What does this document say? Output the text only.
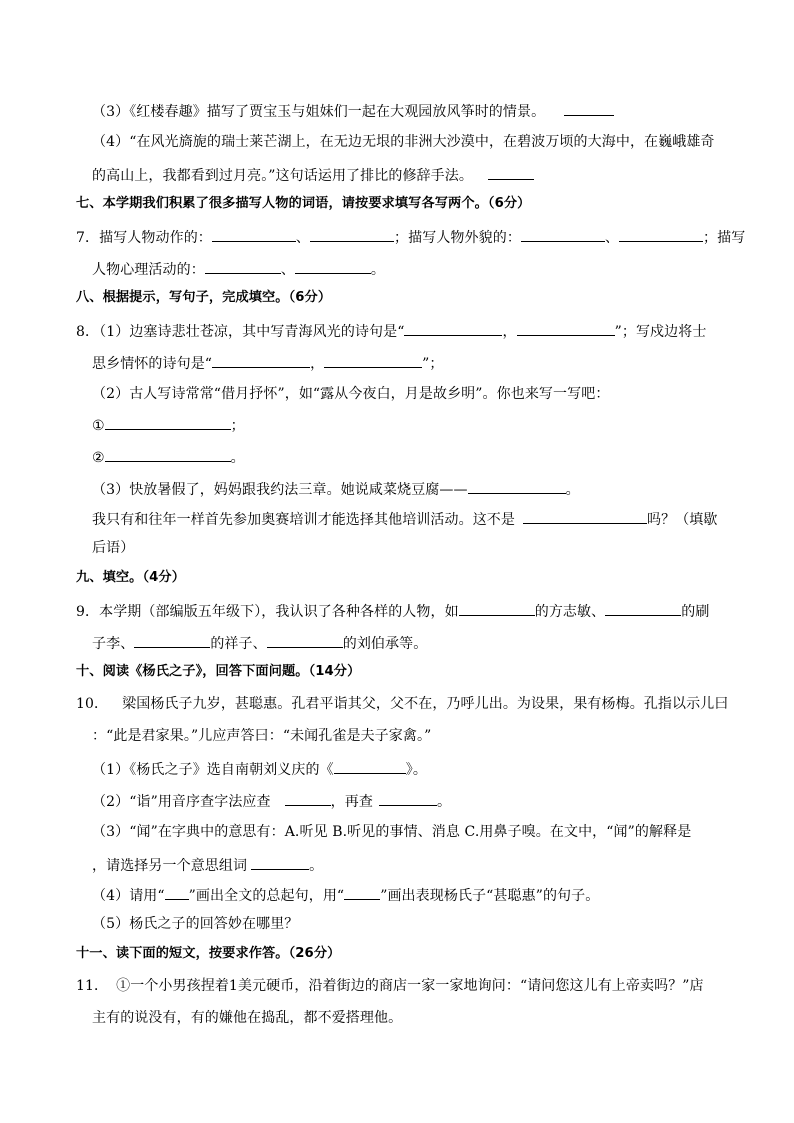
（3）《红楼春趣》描写了贾宝玉与姐妹们一起在大观园放风筝时的情景。
（4）“在风光旖旎的瑞士莱芒湖上，在无边无垠的非洲大沙漠中，在碧波万顷的大海中，在巍峨雄奇
的高山上，我都看到过月亮。”这句话运用了排比的修辞手法。
七、本学期我们积累了很多描写人物的词语，请按要求填写各写两个。（6分）
7．描写人物动作的：	、	；描写人物外貌的：	、	；描写
人物心理活动的：	、	。
八、根据提示，写句子，完成填空。（6分）
8．（1）边塞诗悲壮苍凉，其中写青海风光的诗句是“	，	”；写戍边将士
思乡情怀的诗句是“	，	”；
（2）古人写诗常常“借月抒怀”，如“露从今夜白，月是故乡明”。你也来写一写吧：
①	；
②	。
（3）快放暑假了，妈妈跟我约法三章。她说咸菜烧豆腐——	。
我只有和往年一样首先参加奥赛培训才能选择其他培训活动。这不是	吗？（填歇
后语）
九、填空。（4分）
9．本学期（部编版五年级下），我认识了各种各样的人物，如	的方志敏、	的刷
子李、	的祥子、	的刘伯承等。
十、阅读《杨氏之子》，回答下面问题。（14分）
10． 梁国杨氏子九岁，甚聪惠。孔君平诣其父，父不在，乃呼儿出。为设果，果有杨梅。孔指以示儿曰
：“此是君家果。”儿应声答曰：“未闻孔雀是夫子家禽。”
（1）《杨氏之子》选自南朝刘义庆的《	》。
（2）“诣”用音序查字法应查	，再查	。
（3）“闻”在字典中的意思有：A.听见 B.听见的事情、消息 C.用鼻子嗅。在文中，“闻”的解释是
，请选择另一个意思组词	。
（4）请用“ ”画出全文的总起句，用“	”画出表现杨氏子“甚聪惠”的句子。
（5）杨氏之子的回答妙在哪里？
十一、读下面的短文，按要求作答。（26分）
11． ①一个小男孩捏着1美元硬币，沿着街边的商店一家一家地询问：“请问您这儿有上帝卖吗？”店
主有的说没有，有的嫌他在捣乱，都不爱搭理他。
